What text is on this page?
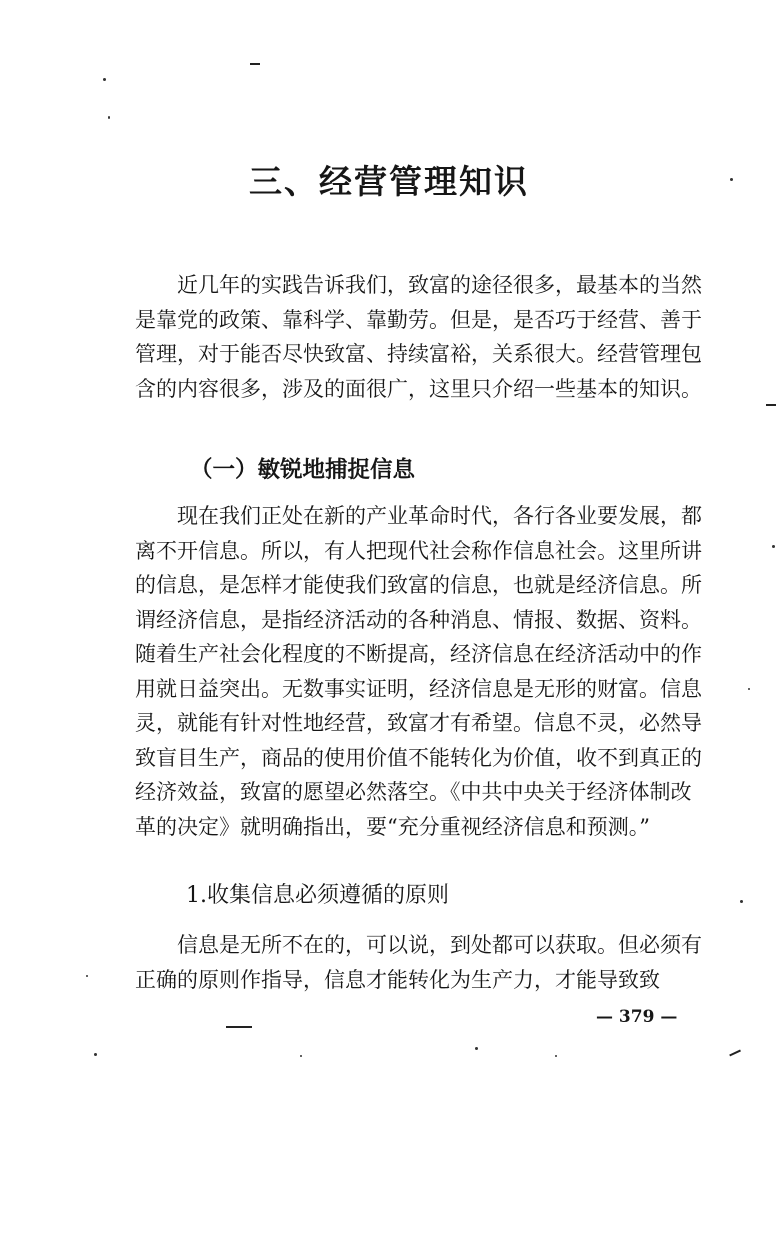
三、经营管理知识

近几年的实践告诉我们，致富的途径很多，最基本的当然是靠党的政策、靠科学、靠勤劳。但是，是否巧于经营、善于管理，对于能否尽快致富、持续富裕，关系很大。经营管理包含的内容很多，涉及的面很广，这里只介绍一些基本的知识。

（一）敏锐地捕捉信息

现在我们正处在新的产业革命时代，各行各业要发展，都离不开信息。所以，有人把现代社会称作信息社会。这里所讲的信息，是怎样才能使我们致富的信息，也就是经济信息。所谓经济信息，是指经济活动的各种消息、情报、数据、资料。随着生产社会化程度的不断提高，经济信息在经济活动中的作用就日益突出。无数事实证明，经济信息是无形的财富。信息灵，就能有针对性地经营，致富才有希望。信息不灵，必然导致盲目生产，商品的使用价值不能转化为价值，收不到真正的经济效益，致富的愿望必然落空。《中共中央关于经济体制改革的决定》就明确指出，要“充分重视经济信息和预测。”

1.收集信息必须遵循的原则

信息是无所不在的，可以说，到处都可以获取。但必须有正确的原则作指导，信息才能转化为生产力，才能导致致

— 379 —
